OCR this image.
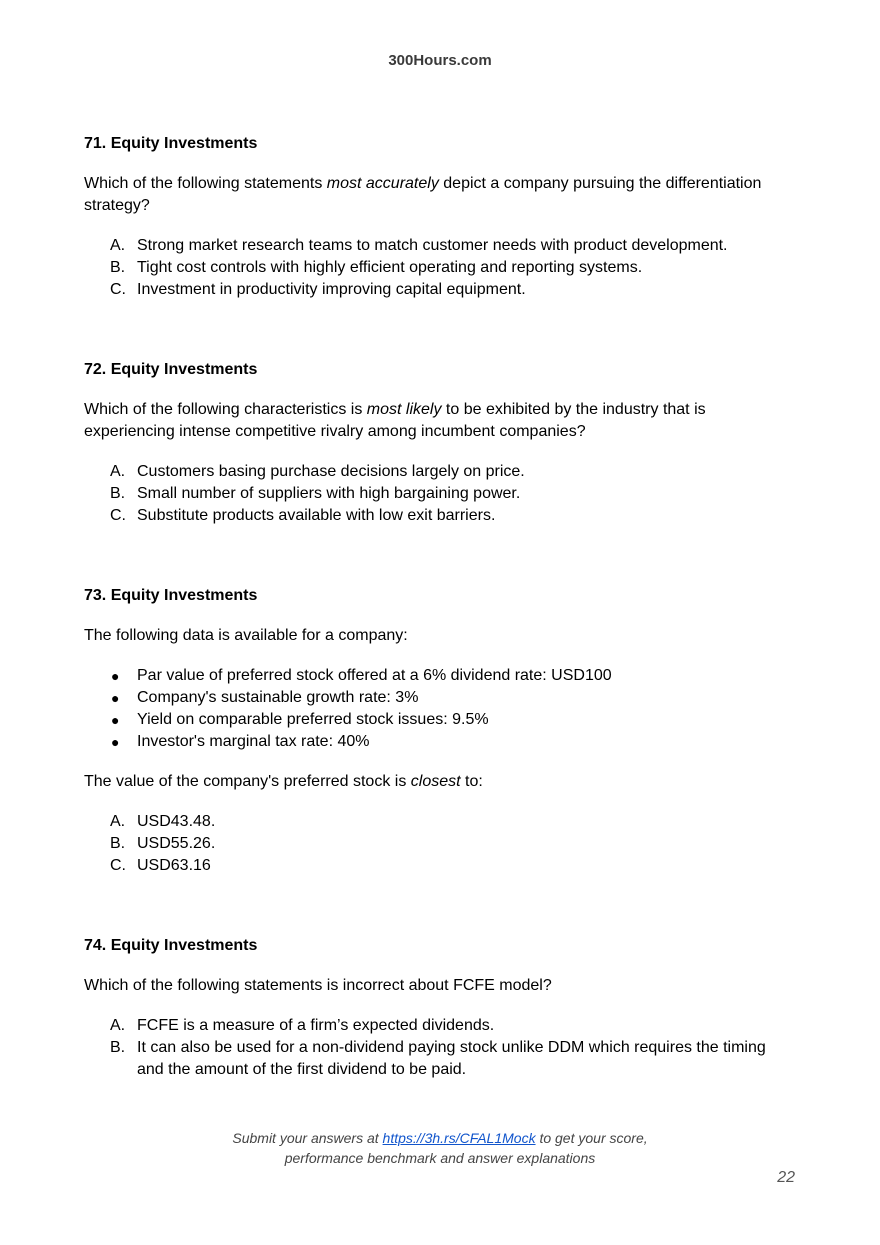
300Hours.com

71. Equity Investments

Which of the following statements most accurately depict a company pursuing the differentiation strategy?

A. Strong market research teams to match customer needs with product development.
B. Tight cost controls with highly efficient operating and reporting systems.
C. Investment in productivity improving capital equipment.

72. Equity Investments

Which of the following characteristics is most likely to be exhibited by the industry that is experiencing intense competitive rivalry among incumbent companies?

A. Customers basing purchase decisions largely on price.
B. Small number of suppliers with high bargaining power.
C. Substitute products available with low exit barriers.

73. Equity Investments

The following data is available for a company:

● Par value of preferred stock offered at a 6% dividend rate: USD100
● Company's sustainable growth rate: 3%
● Yield on comparable preferred stock issues: 9.5%
● Investor's marginal tax rate: 40%

The value of the company's preferred stock is closest to:

A. USD43.48.
B. USD55.26.
C. USD63.16

74. Equity Investments

Which of the following statements is incorrect about FCFE model?

A. FCFE is a measure of a firm’s expected dividends.
B. It can also be used for a non-dividend paying stock unlike DDM which requires the timing and the amount of the first dividend to be paid.
Submit your answers at https://3h.rs/CFAL1Mock to get your score,
performance benchmark and answer explanations
22
